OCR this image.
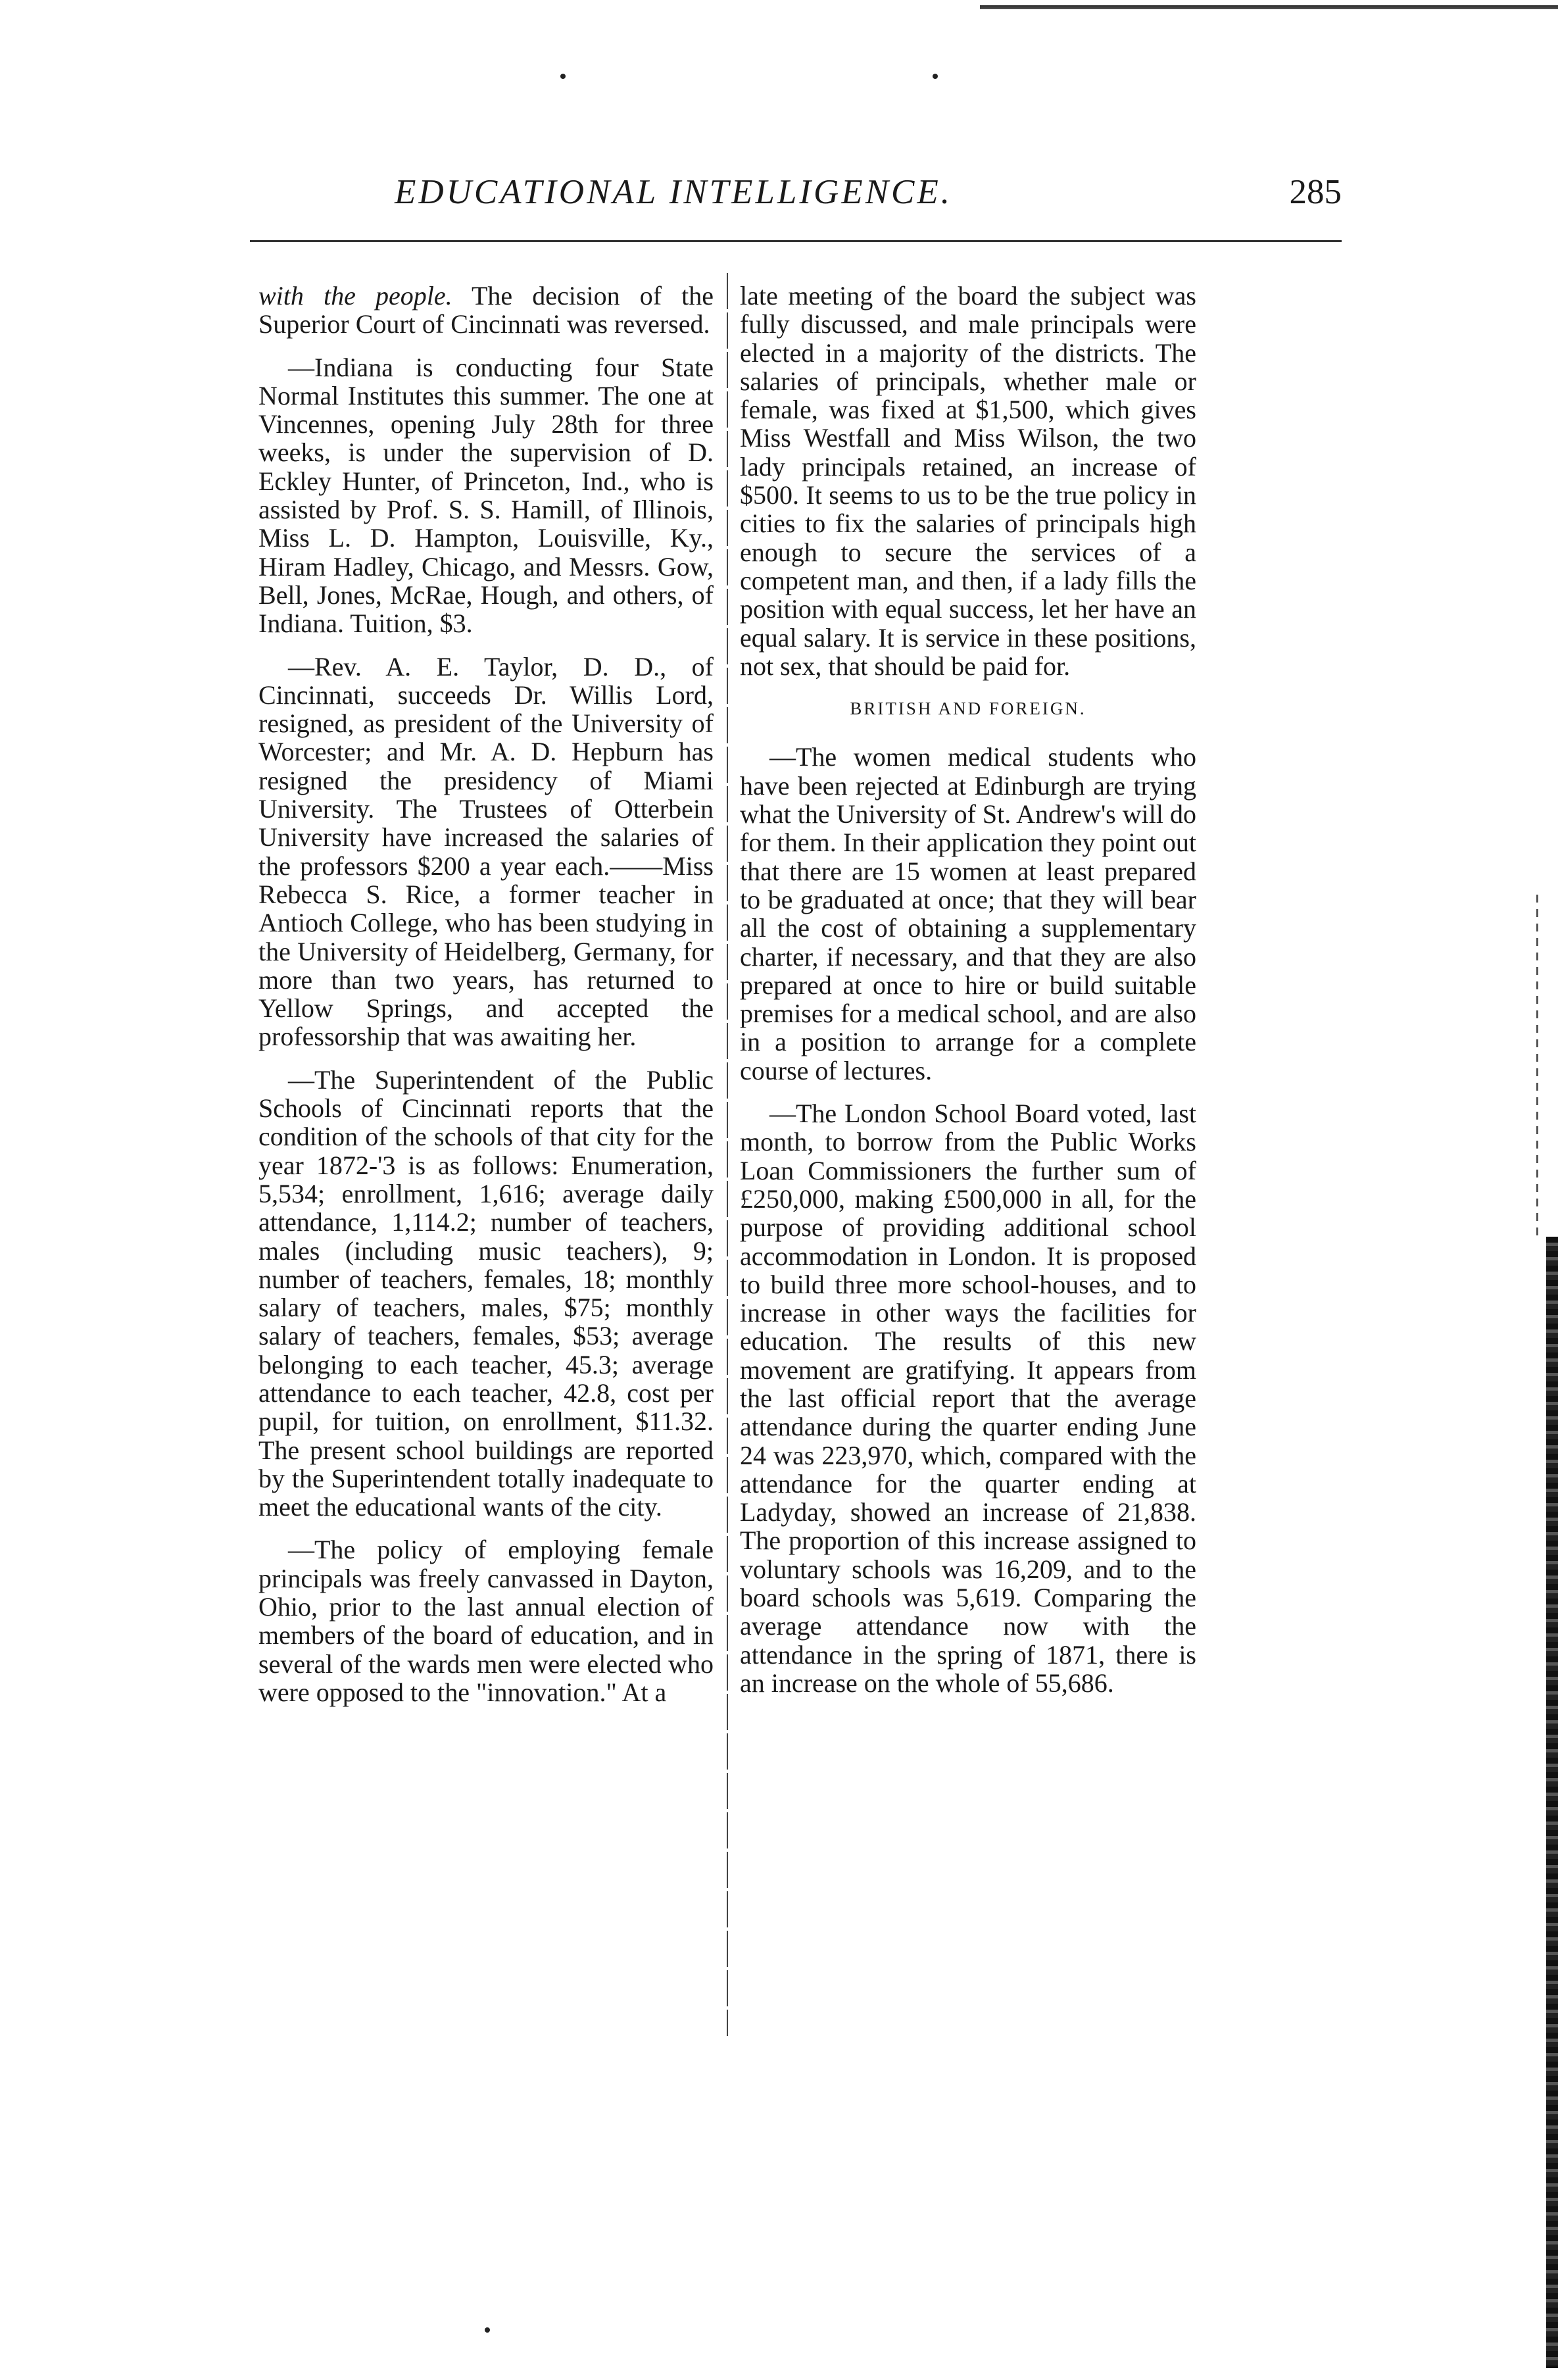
EDUCATIONAL INTELLIGENCE.	285

with the people. The decision of the Superior Court of Cincinnati was reversed.

—Indiana is conducting four State Normal Institutes this summer. The one at Vincennes, opening July 28th for three weeks, is under the supervision of D. Eckley Hunter, of Princeton, Ind., who is assisted by Prof. S. S. Hamill, of Illinois, Miss L. D. Hampton, Louisville, Ky., Hiram Hadley, Chicago, and Messrs. Gow, Bell, Jones, McRae, Hough, and others, of Indiana. Tuition, $3.

—Rev. A. E. Taylor, D. D., of Cincinnati, succeeds Dr. Willis Lord, resigned, as president of the University of Worcester; and Mr. A. D. Hepburn has resigned the presidency of Miami University. The Trustees of Otterbein University have increased the salaries of the professors $200 a year each.——Miss Rebecca S. Rice, a former teacher in Antioch College, who has been studying in the University of Heidelberg, Germany, for more than two years, has returned to Yellow Springs, and accepted the professorship that was awaiting her.

—The Superintendent of the Public Schools of Cincinnati reports that the condition of the schools of that city for the year 1872-'3 is as follows: Enumeration, 5,534; enrollment, 1,616; average daily attendance, 1,114.2; number of teachers, males (including music teachers), 9; number of teachers, females, 18; monthly salary of teachers, males, $75; monthly salary of teachers, females, $53; average belonging to each teacher, 45.3; average attendance to each teacher, 42.8, cost per pupil, for tuition, on enrollment, $11.32. The present school buildings are reported by the Superintendent totally inadequate to meet the educational wants of the city.

—The policy of employing female principals was freely canvassed in Dayton, Ohio, prior to the last annual election of members of the board of education, and in several of the wards men were elected who were opposed to the "innovation." At a

late meeting of the board the subject was fully discussed, and male principals were elected in a majority of the districts. The salaries of principals, whether male or female, was fixed at $1,500, which gives Miss Westfall and Miss Wilson, the two lady principals retained, an increase of $500. It seems to us to be the true policy in cities to fix the salaries of principals high enough to secure the services of a competent man, and then, if a lady fills the position with equal success, let her have an equal salary. It is service in these positions, not sex, that should be paid for.

BRITISH AND FOREIGN.

—The women medical students who have been rejected at Edinburgh are trying what the University of St. Andrew's will do for them. In their application they point out that there are 15 women at least prepared to be graduated at once; that they will bear all the cost of obtaining a supplementary charter, if necessary, and that they are also prepared at once to hire or build suitable premises for a medical school, and are also in a position to arrange for a complete course of lectures.

—The London School Board voted, last month, to borrow from the Public Works Loan Commissioners the further sum of £250,000, making £500,000 in all, for the purpose of providing additional school accommodation in London. It is proposed to build three more school-houses, and to increase in other ways the facilities for education. The results of this new movement are gratifying. It appears from the last official report that the average attendance during the quarter ending June 24 was 223,970, which, compared with the attendance for the quarter ending at Ladyday, showed an increase of 21,838. The proportion of this increase assigned to voluntary schools was 16,209, and to the board schools was 5,619. Comparing the average attendance now with the attendance in the spring of 1871, there is an increase on the whole of 55,686.
